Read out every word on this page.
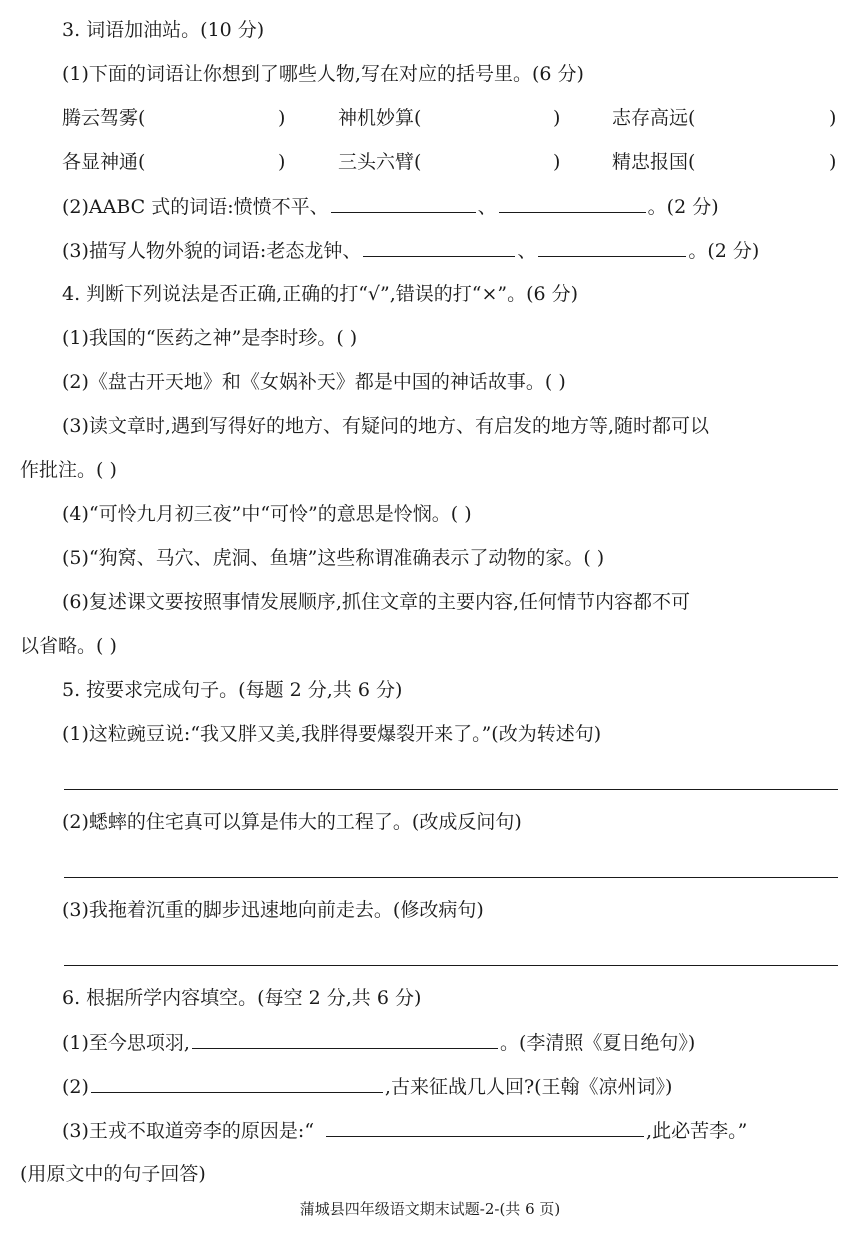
3. 词语加油站。(10 分)
(1)下面的词语让你想到了哪些人物,写在对应的括号里。(6 分)
腾云驾雾(	)	神机妙算(	)	志存高远(	)
各显神通(	)	三头六臂(	)	精忠报国(	)
(2)AABC 式的词语:愤愤不平、	、	。(2 分)
(3)描写人物外貌的词语:老态龙钟、	、	。(2 分)
4. 判断下列说法是否正确,正确的打“√”,错误的打“×”。(6 分)
(1)我国的“医药之神”是李时珍。( )
(2)《盘古开天地》和《女娲补天》都是中国的神话故事。( )
(3)读文章时,遇到写得好的地方、有疑问的地方、有启发的地方等,随时都可以
作批注。( )
(4)“可怜九月初三夜”中“可怜”的意思是怜悯。( )
(5)“狗窝、马穴、虎洞、鱼塘”这些称谓准确表示了动物的家。( )
(6)复述课文要按照事情发展顺序,抓住文章的主要内容,任何情节内容都不可
以省略。( )
5. 按要求完成句子。(每题 2 分,共 6 分)
(1)这粒豌豆说:“我又胖又美,我胖得要爆裂开来了。”(改为转述句)
(2)蟋蟀的住宅真可以算是伟大的工程了。(改成反问句)
(3)我拖着沉重的脚步迅速地向前走去。(修改病句)
6. 根据所学内容填空。(每空 2 分,共 6 分)
(1)至今思项羽,	。(李清照《夏日绝句》)
(2)	,古来征战几人回?(王翰《凉州词》)
(3)王戎不取道旁李的原因是:“	,此必苦李。”
(用原文中的句子回答)
蒲城县四年级语文期末试题-2-(共 6 页)
